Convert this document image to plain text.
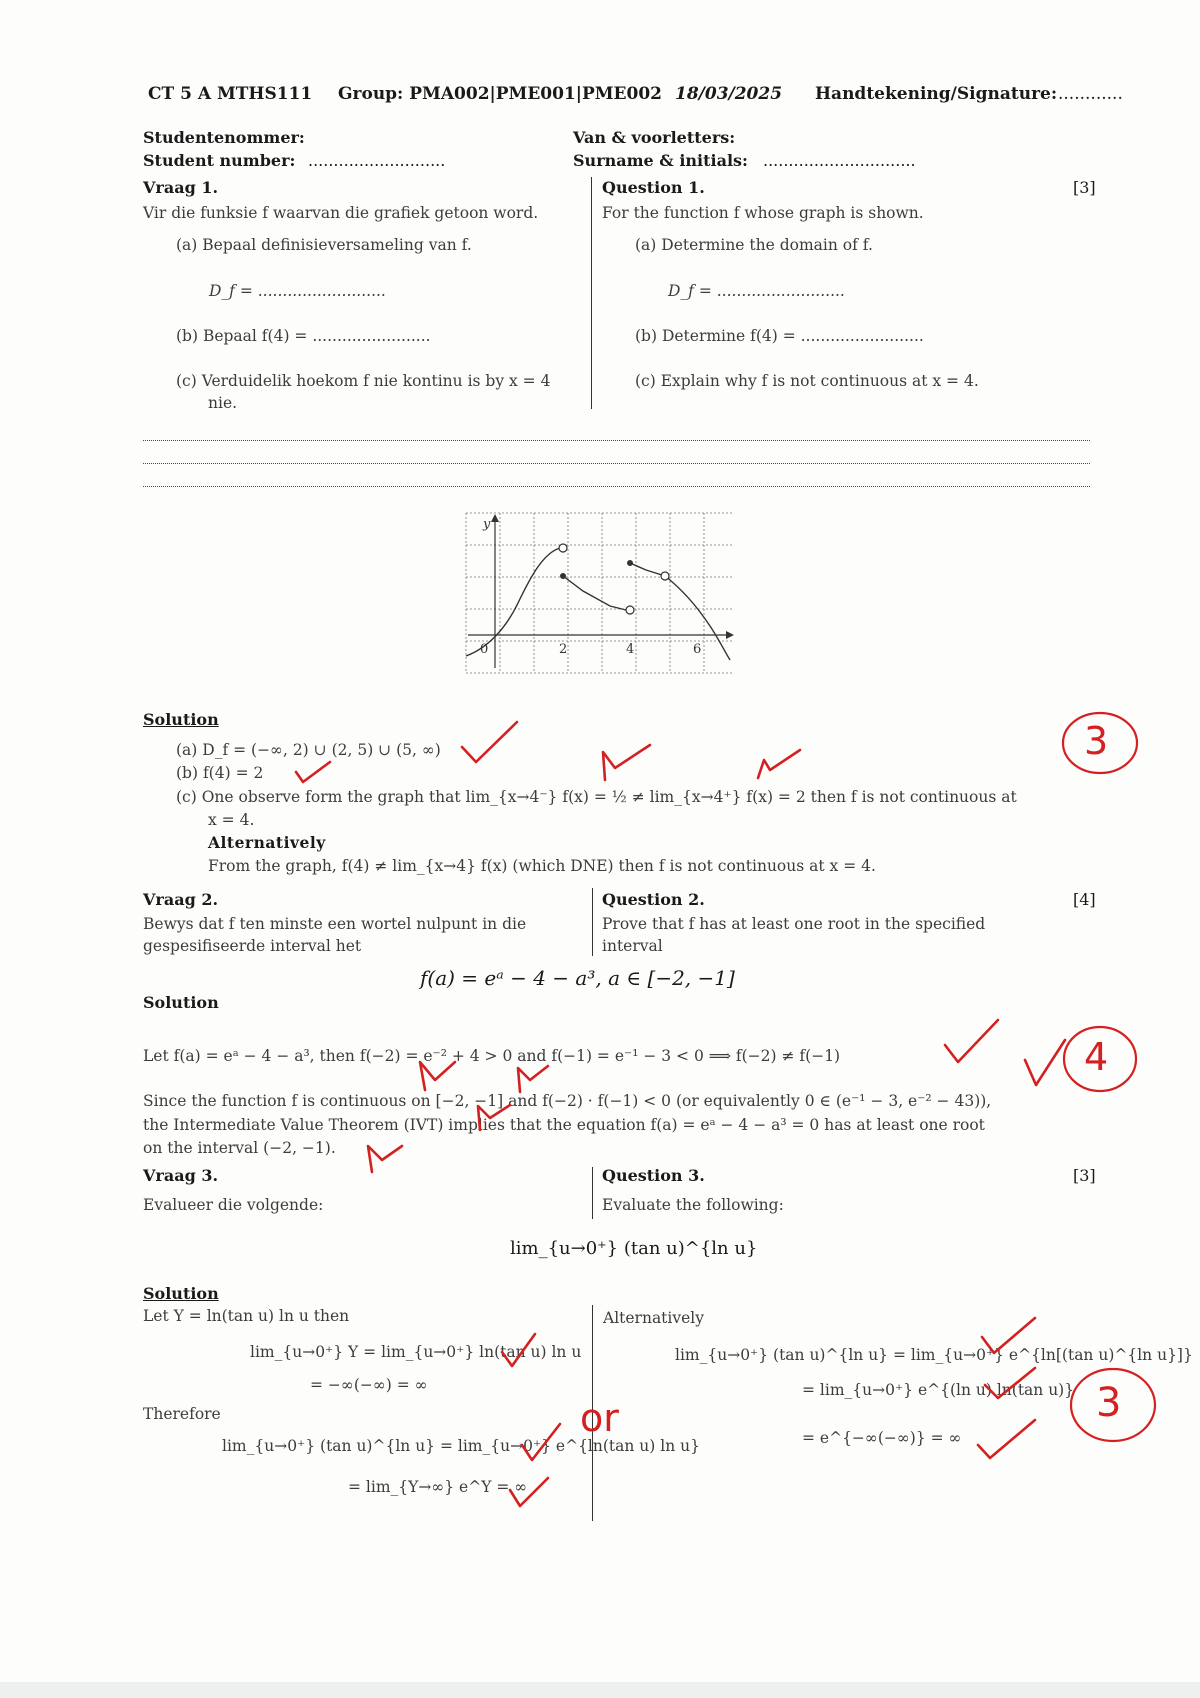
CT 5 A MTHS111 Group: PMA002|PME001|PME002 18/03/2025 Handtekening/Signature: ............
Studentenommer:
Student number: ...........................
Van & voorletters:
Surname & initials: ..............................
Vraag 1.	Question 1.	[3]
Vir die funksie f waarvan die grafiek getoon word.	For the function f whose graph is shown.
(a) Bepaal definisieversameling van f.	(a) Determine the domain of f.
D_f = ..........................	D_f = ..........................
(b) Bepaal f(4) = ........................	(b) Determine f(4) = .........................
(c) Verduidelik hoekom f nie kontinu is by x = 4
nie.
(c) Explain why f is not continuous at x = 4.
y
0	2	4	6
Solution
(a) D_f = (−∞, 2) ∪ (2, 5) ∪ (5, ∞)
(b) f(4) = 2
(c) One observe form the graph that lim_{x→4⁻} f(x) = ½ ≠ lim_{x→4⁺} f(x) = 2 then f is not continuous at
x = 4.
Alternatively
From the graph, f(4) ≠ lim_{x→4} f(x) (which DNE) then f is not continuous at x = 4.
Vraag 2.	Question 2.	[4]
Bewys dat f ten minste een wortel nulpunt in die
gespesifiseerde interval het
Prove that f has at least one root in the specified
interval
f(a) = eᵃ − 4 − a³, a ∈ [−2, −1]
Solution
Let f(a) = eᵃ − 4 − a³, then f(−2) = e⁻² + 4 > 0 and f(−1) = e⁻¹ − 3 < 0 ⟹ f(−2) ≠ f(−1)
Since the function f is continuous on [−2, −1] and f(−2) · f(−1) < 0 (or equivalently 0 ∈ (e⁻¹ − 3, e⁻² − 43)),
the Intermediate Value Theorem (IVT) implies that the equation f(a) = eᵃ − 4 − a³ = 0 has at least one root
on the interval (−2, −1).
Vraag 3.	Question 3.	[3]
Evalueer die volgende:	Evaluate the following:
lim_{u→0⁺} (tan u)^{ln u}
Solution
Let Y = ln(tan u) ln u then
lim_{u→0⁺} Y = lim_{u→0⁺} ln(tan u) ln u
= −∞(−∞) = ∞
Therefore
lim_{u→0⁺} (tan u)^{ln u} = lim_{u→0⁺} e^{ln(tan u) ln u}
= lim_{Y→∞} e^Y = ∞
Alternatively
lim_{u→0⁺} (tan u)^{ln u} = lim_{u→0⁺} e^{ln[(tan u)^{ln u}]}
= lim_{u→0⁺} e^{(ln u) ln(tan u)}
= e^{−∞(−∞)} = ∞
3
4
3
or
